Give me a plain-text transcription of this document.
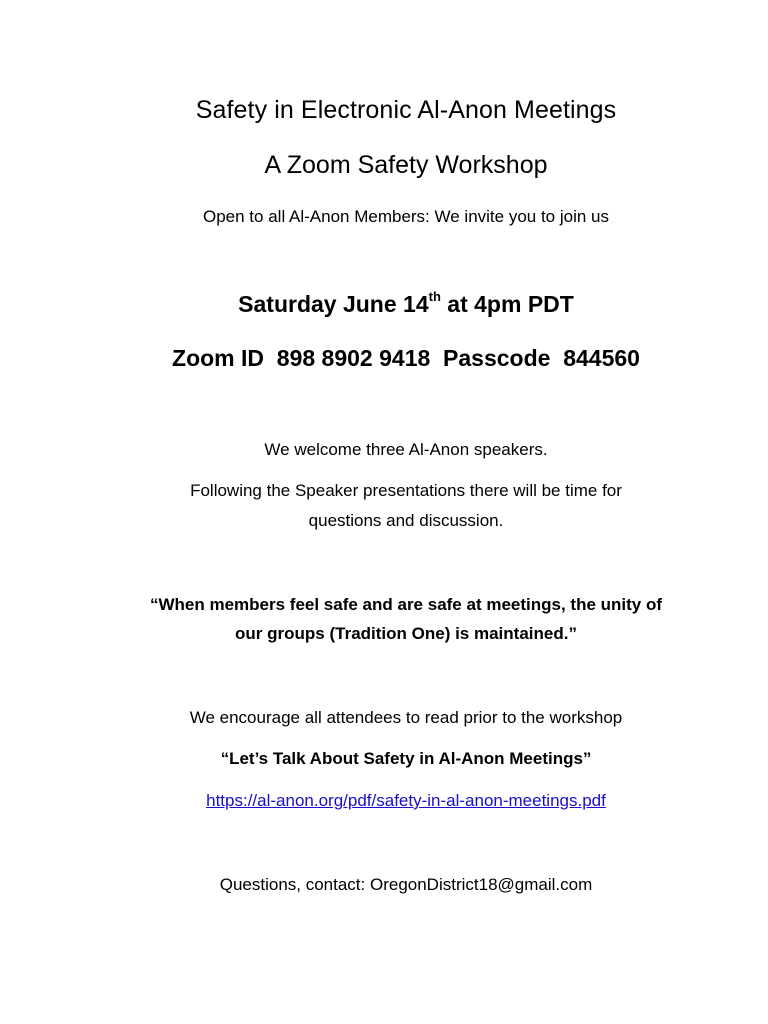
Safety in Electronic Al-Anon Meetings
A Zoom Safety Workshop
Open to all Al-Anon Members: We invite you to join us
Saturday June 14th at 4pm PDT
Zoom ID  898 8902 9418  Passcode  844560
We welcome three Al-Anon speakers.
Following the Speaker presentations there will be time for
questions and discussion.
“When members feel safe and are safe at meetings, the unity of
our groups (Tradition One) is maintained.”
We encourage all attendees to read prior to the workshop
“Let’s Talk About Safety in Al-Anon Meetings”
https://al-anon.org/pdf/safety-in-al-anon-meetings.pdf
Questions, contact: OregonDistrict18@gmail.com
